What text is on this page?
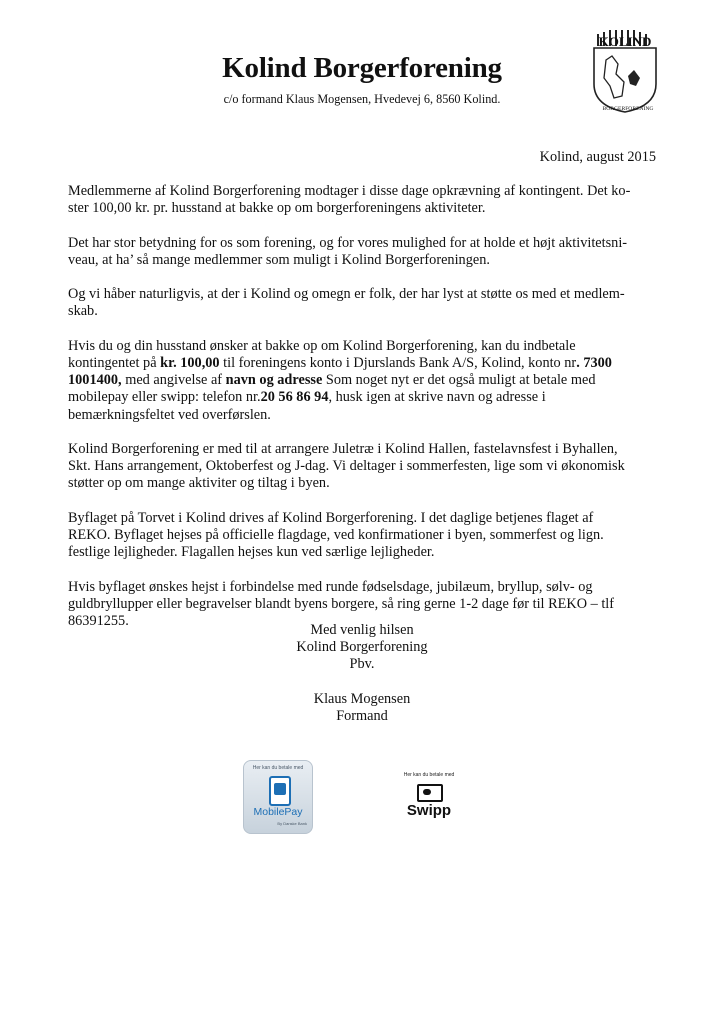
Kolind Borgerforening
c/o formand Klaus Mogensen, Hvedevej 6, 8560 Kolind.
KOLIND
BORGERFORENING
Kolind, august 2015

Medlemmerne af Kolind Borgerforening modtager i disse dage opkrævning af kontingent. Det ko-
ster 100,00 kr. pr. husstand at bakke op om borgerforeningens aktiviteter.

Det har stor betydning for os som forening, og for vores mulighed for at holde et højt aktivitetsni-
veau, at ha’ så mange medlemmer som muligt i Kolind Borgerforeningen.

Og vi håber naturligvis, at der i Kolind og omegn er folk, der har lyst at støtte os med et medlem-
skab.

Hvis du og din husstand ønsker at bakke op om Kolind Borgerforening, kan du indbetale
kontingentet på kr. 100,00 til foreningens konto i Djurslands Bank A/S, Kolind, konto nr. 7300
1001400, med angivelse af navn og adresse Som noget nyt er det også muligt at betale med
mobilepay eller swipp: telefon nr.20 56 86 94, husk igen at skrive navn og adresse i
bemærkningsfeltet ved overførslen.

Kolind Borgerforening er med til at arrangere Juletræ i Kolind Hallen, fastelavnsfest i Byhallen,
Skt. Hans arrangement, Oktoberfest og J-dag. Vi deltager i sommerfesten, lige som vi økonomisk
støtter op om mange aktiviter og tiltag i byen.

Byflaget på Torvet i Kolind drives af Kolind Borgerforening. I det daglige betjenes flaget af
REKO. Byflaget hejses på officielle flagdage, ved konfirmationer i byen, sommerfest og lign.
festlige lejligheder. Flagallen hejses kun ved særlige lejligheder.

Hvis byflaget ønskes hejst i forbindelse med runde fødselsdage, jubilæum, bryllup, sølv- og
guldbryllupper eller begravelser blandt byens borgere, så ring gerne 1-2 dage før til REKO – tlf
86391255.

Med venlig hilsen
Kolind Borgerforening
Pbv.
Klaus Mogensen
Formand
Her kan du betale med
MobilePay
By Danske Bank
Her kan du betale med
Swipp
